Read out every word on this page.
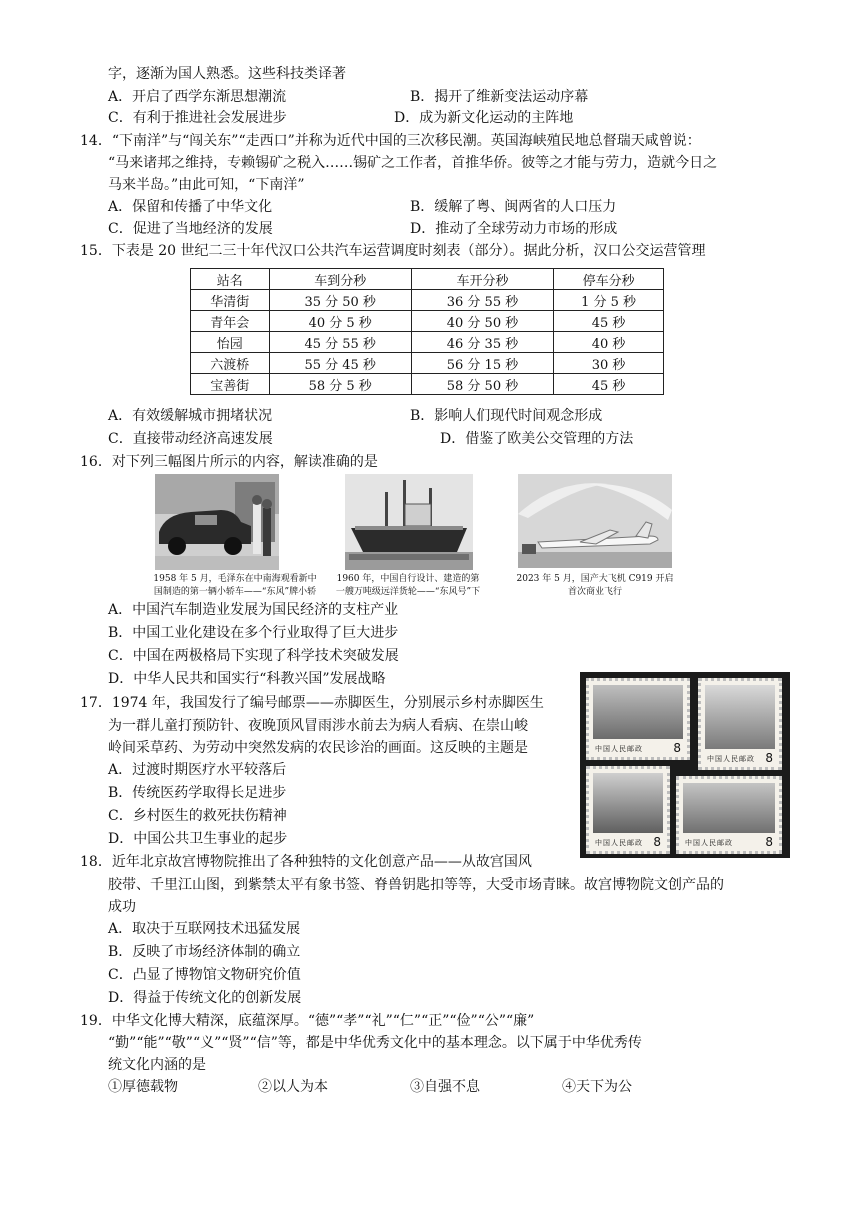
字，逐渐为国人熟悉。这些科技类译著
A．开启了西学东渐思想潮流	B．揭开了维新变法运动序幕
C．有利于推进社会发展进步	D．成为新文化运动的主阵地
14．“下南洋”与“闯关东”“走西口”并称为近代中国的三次移民潮。英国海峡殖民地总督瑞天咸曾说：
“马来诸邦之维持，专赖锡矿之税入……锡矿之工作者，首推华侨。彼等之才能与劳力，造就今日之
马来半岛。”由此可知，“下南洋”
A．保留和传播了中华文化	B．缓解了粤、闽两省的人口压力
C．促进了当地经济的发展	D．推动了全球劳动力市场的形成
15．下表是 20 世纪二三十年代汉口公共汽车运营调度时刻表（部分）。据此分析，汉口公交运营管理
站名	车到分秒	车开分秒	停车分秒
华清街	35 分 50 秒	36 分 55 秒	1 分 5 秒
青年会	40 分 5 秒	40 分 50 秒	45 秒
怡园	45 分 55 秒	46 分 35 秒	40 秒
六渡桥	55 分 45 秒	56 分 15 秒	30 秒
宝善街	58 分 5 秒	58 分 50 秒	45 秒
A．有效缓解城市拥堵状况	B．影响人们现代时间观念形成
C．直接带动经济高速发展	D．借鉴了欧美公交管理的方法
16．对下列三幅图片所示的内容，解读准确的是
1958 年 5 月，毛泽东在中南海观看新中
国制造的第一辆小轿车——“东风”牌小轿
1960 年，中国自行设计、建造的第
一艘万吨级远洋货轮——“东风号”下
2023 年 5 月，国产大飞机 C919 开启
首次商业飞行
A．中国汽车制造业发展为国民经济的支柱产业
B．中国工业化建设在多个行业取得了巨大进步
C．中国在两极格局下实现了科学技术突破发展
D．中华人民共和国实行“科教兴国”发展战略
17．1974 年，我国发行了编号邮票——赤脚医生，分别展示乡村赤脚医生
为一群儿童打预防针、夜晚顶风冒雨涉水前去为病人看病、在崇山峻
岭间采草药、为劳动中突然发病的农民诊治的画面。这反映的主题是
A．过渡时期医疗水平较落后
B．传统医药学取得长足进步
C．乡村医生的救死扶伤精神
D．中国公共卫生事业的起步
中国人民邮政	8
中国人民邮政 8
中国人民邮政 8	中国人民邮政	8
18．近年北京故宫博物院推出了各种独特的文化创意产品——从故宫国风
胶带、千里江山图，到紫禁太平有象书签、脊兽钥匙扣等等，大受市场青睐。故宫博物院文创产品的
成功
A．取决于互联网技术迅猛发展
B．反映了市场经济体制的确立
C．凸显了博物馆文物研究价值
D．得益于传统文化的创新发展
19．中华文化博大精深，底蕴深厚。“德”“孝”“礼”“仁”“正”“俭”“公”“廉”
“勤”“能”“敬”“义”“贤”“信”等，都是中华优秀文化中的基本理念。以下属于中华优秀传
统文化内涵的是
①厚德载物	②以人为本	③自强不息	④天下为公
